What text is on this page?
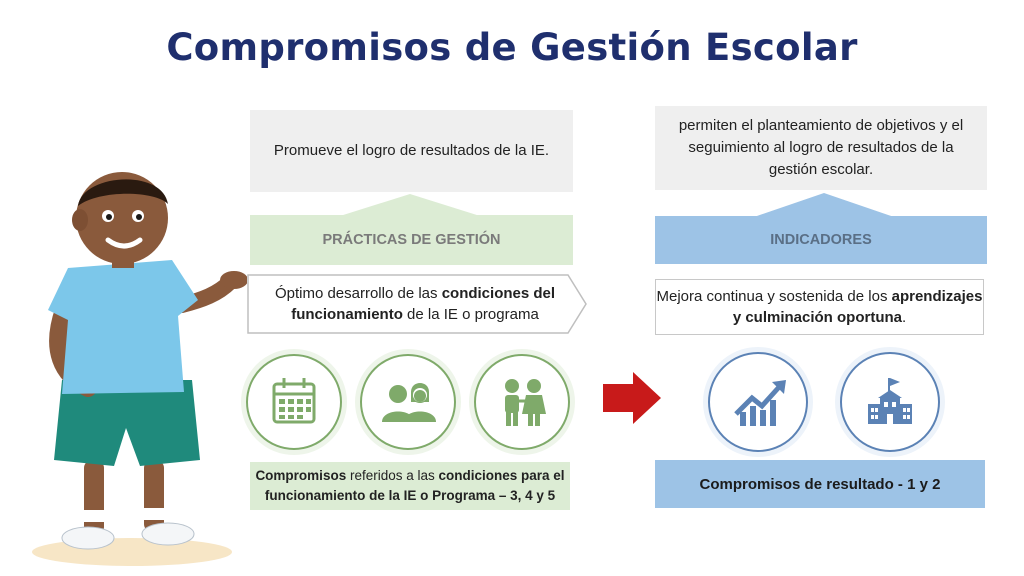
Compromisos de Gestión Escolar
Promueve el logro de resultados de la IE.
PRÁCTICAS DE GESTIÓN
Óptimo desarrollo de las condiciones del funcionamiento de la IE o programa
Compromisos referidos a las condiciones para el funcionamiento de la IE o Programa – 3, 4 y 5
permiten el planteamiento de objetivos y el seguimiento al logro de resultados de la gestión escolar.
INDICADORES
Mejora continua y sostenida de los aprendizajes y culminación oportuna.
Compromisos de resultado - 1 y 2
